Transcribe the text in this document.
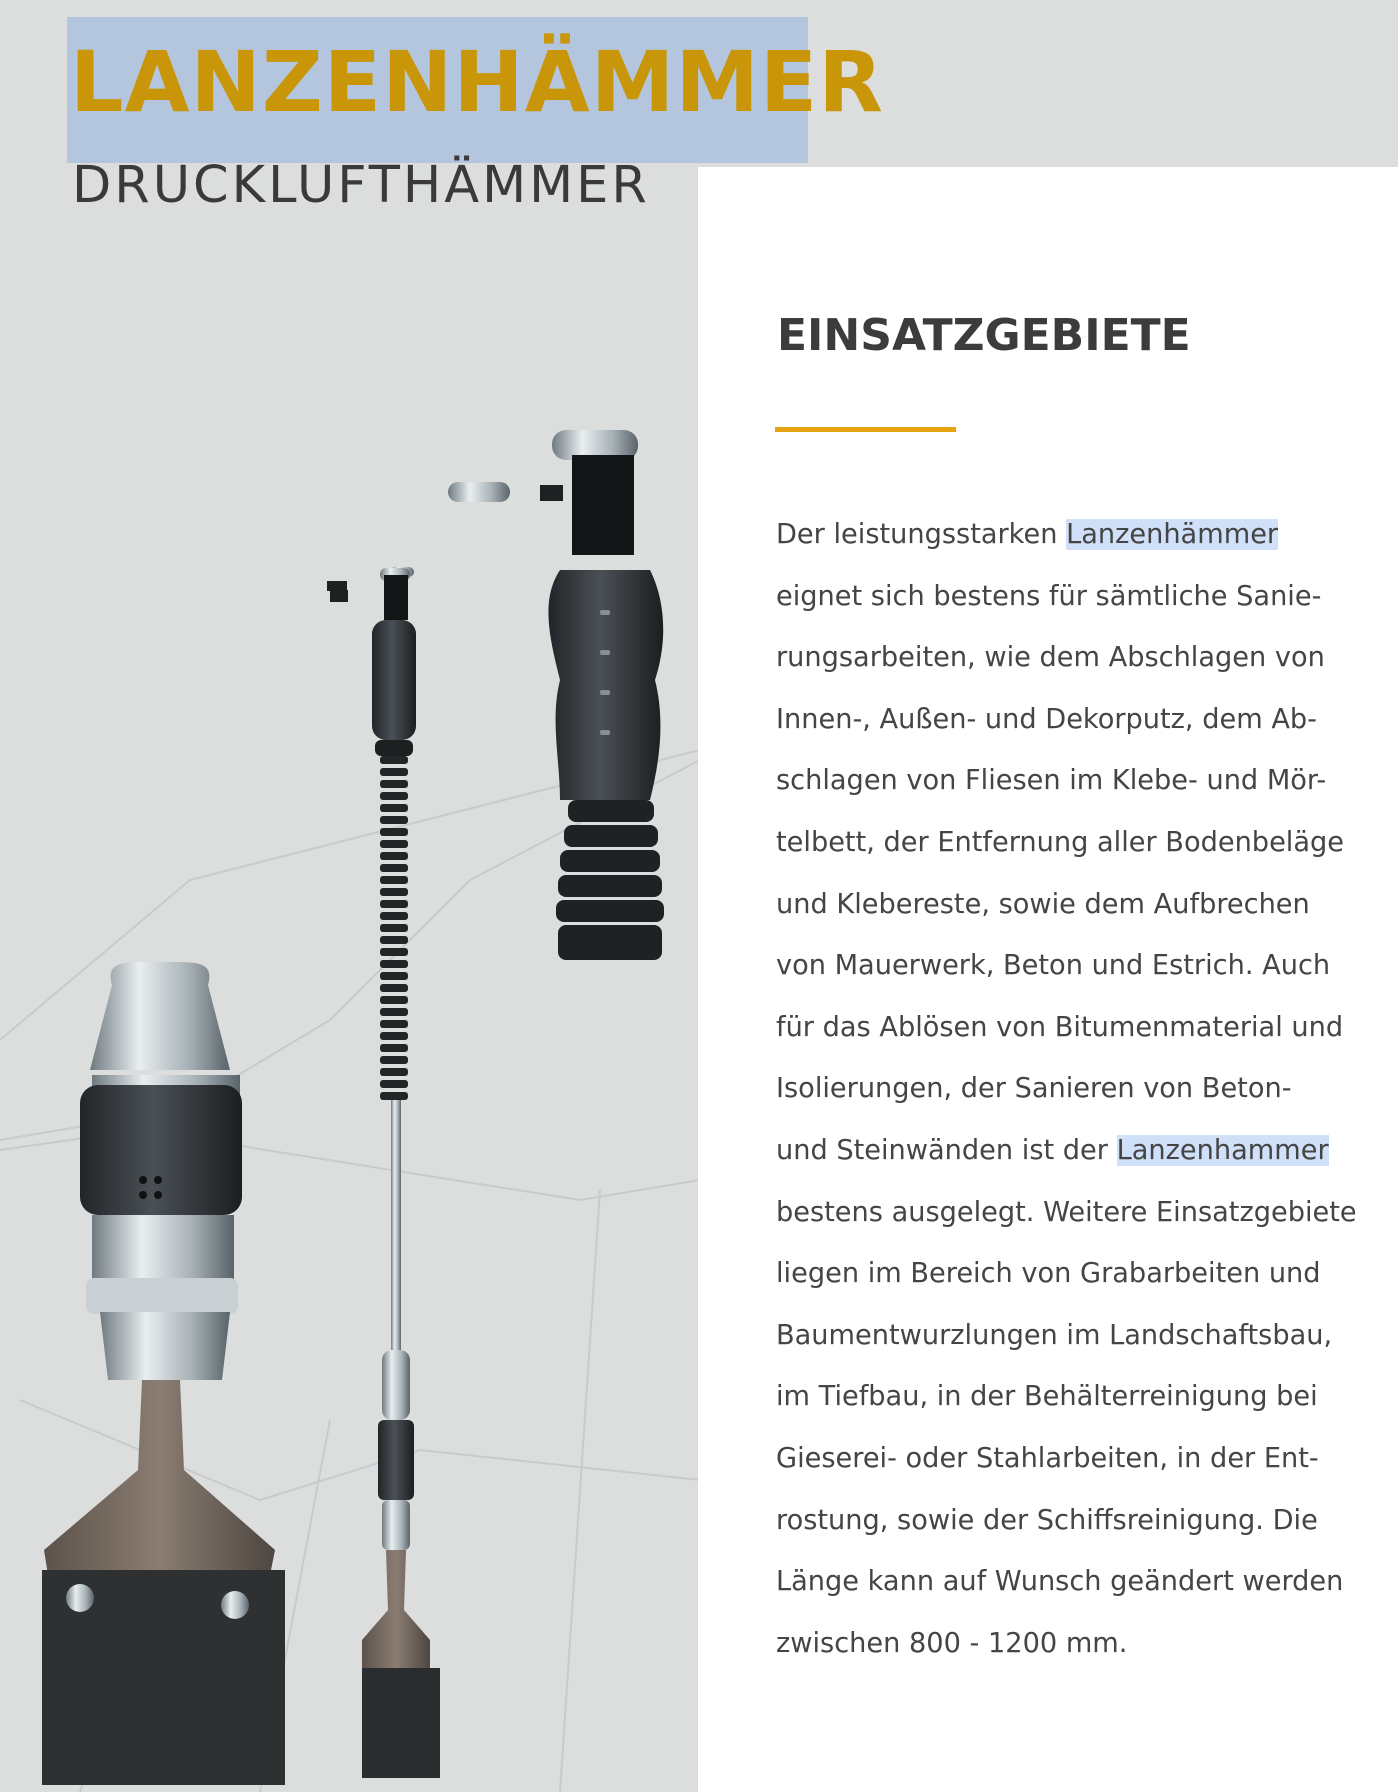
LANZENHÄMMER
DRUCKLUFTHÄMMER
EINSATZGEBIETE
Der leistungsstarken Lanzenhämmer
eignet sich bestens für sämtliche Sanie-
rungsarbeiten, wie dem Abschlagen von
Innen-, Außen- und Dekorputz, dem Ab-
schlagen von Fliesen im Klebe- und Mör-
telbett, der Entfernung aller Bodenbeläge
und Klebereste, sowie dem Aufbrechen
von Mauerwerk, Beton und Estrich. Auch
für das Ablösen von Bitumenmaterial und
Isolierungen, der Sanieren von Beton-
und Steinwänden ist der Lanzenhammer
bestens ausgelegt. Weitere Einsatzgebiete
liegen im Bereich von Grabarbeiten und
Baumentwurzlungen im Landschaftsbau,
im Tiefbau, in der Behälterreinigung bei
Gieserei- oder Stahlarbeiten, in der Ent-
rostung, sowie der Schiffsreinigung. Die
Länge kann auf Wunsch geändert werden
zwischen 800 - 1200 mm.
